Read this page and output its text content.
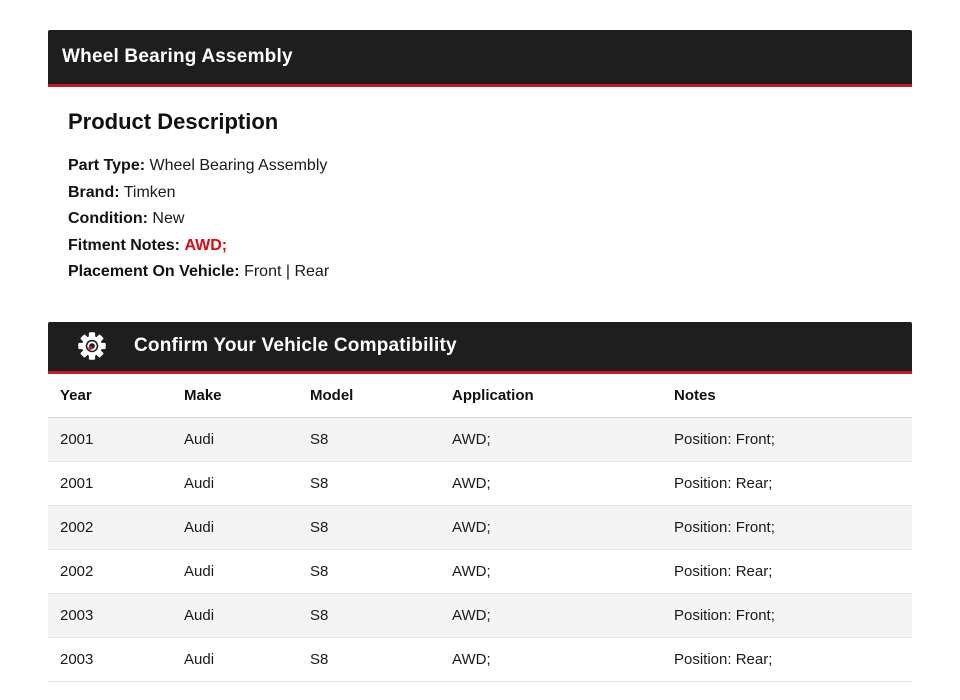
Wheel Bearing Assembly
Product Description
Part Type: Wheel Bearing Assembly
Brand: Timken
Condition: New
Fitment Notes: AWD;
Placement On Vehicle: Front | Rear
Confirm Your Vehicle Compatibility
Year	Make	Model	Application	Notes
2001	Audi	S8	AWD;	Position: Front;
2001	Audi	S8	AWD;	Position: Rear;
2002	Audi	S8	AWD;	Position: Front;
2002	Audi	S8	AWD;	Position: Rear;
2003	Audi	S8	AWD;	Position: Front;
2003	Audi	S8	AWD;	Position: Rear;
